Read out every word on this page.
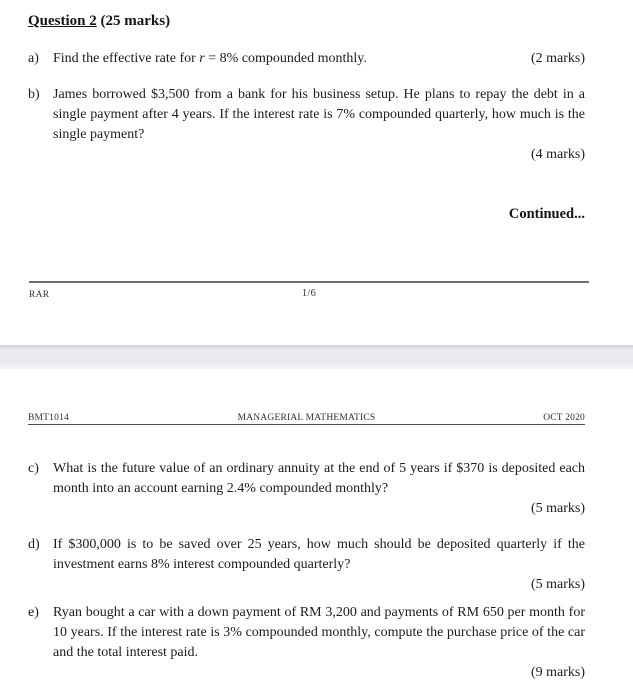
Question 2 (25 marks)
a) Find the effective rate for r = 8% compounded monthly.	(2 marks)
b) James borrowed $3,500 from a bank for his business setup. He plans to repay the debt in a single payment after 4 years. If the interest rate is 7% compounded quarterly, how much is the single payment?

(4 marks)
Continued...
RAR	1/6
BMT1014	MANAGERIAL MATHEMATICS	OCT 2020
c) What is the future value of an ordinary annuity at the end of 5 years if $370 is deposited each month into an account earning 2.4% compounded monthly?

(5 marks)
d) If $300,000 is to be saved over 25 years, how much should be deposited quarterly if the investment earns 8% interest compounded quarterly?

(5 marks)
e) Ryan bought a car with a down payment of RM 3,200 and payments of RM 650 per month for 10 years. If the interest rate is 3% compounded monthly, compute the purchase price of the car and the total interest paid.

(9 marks)
